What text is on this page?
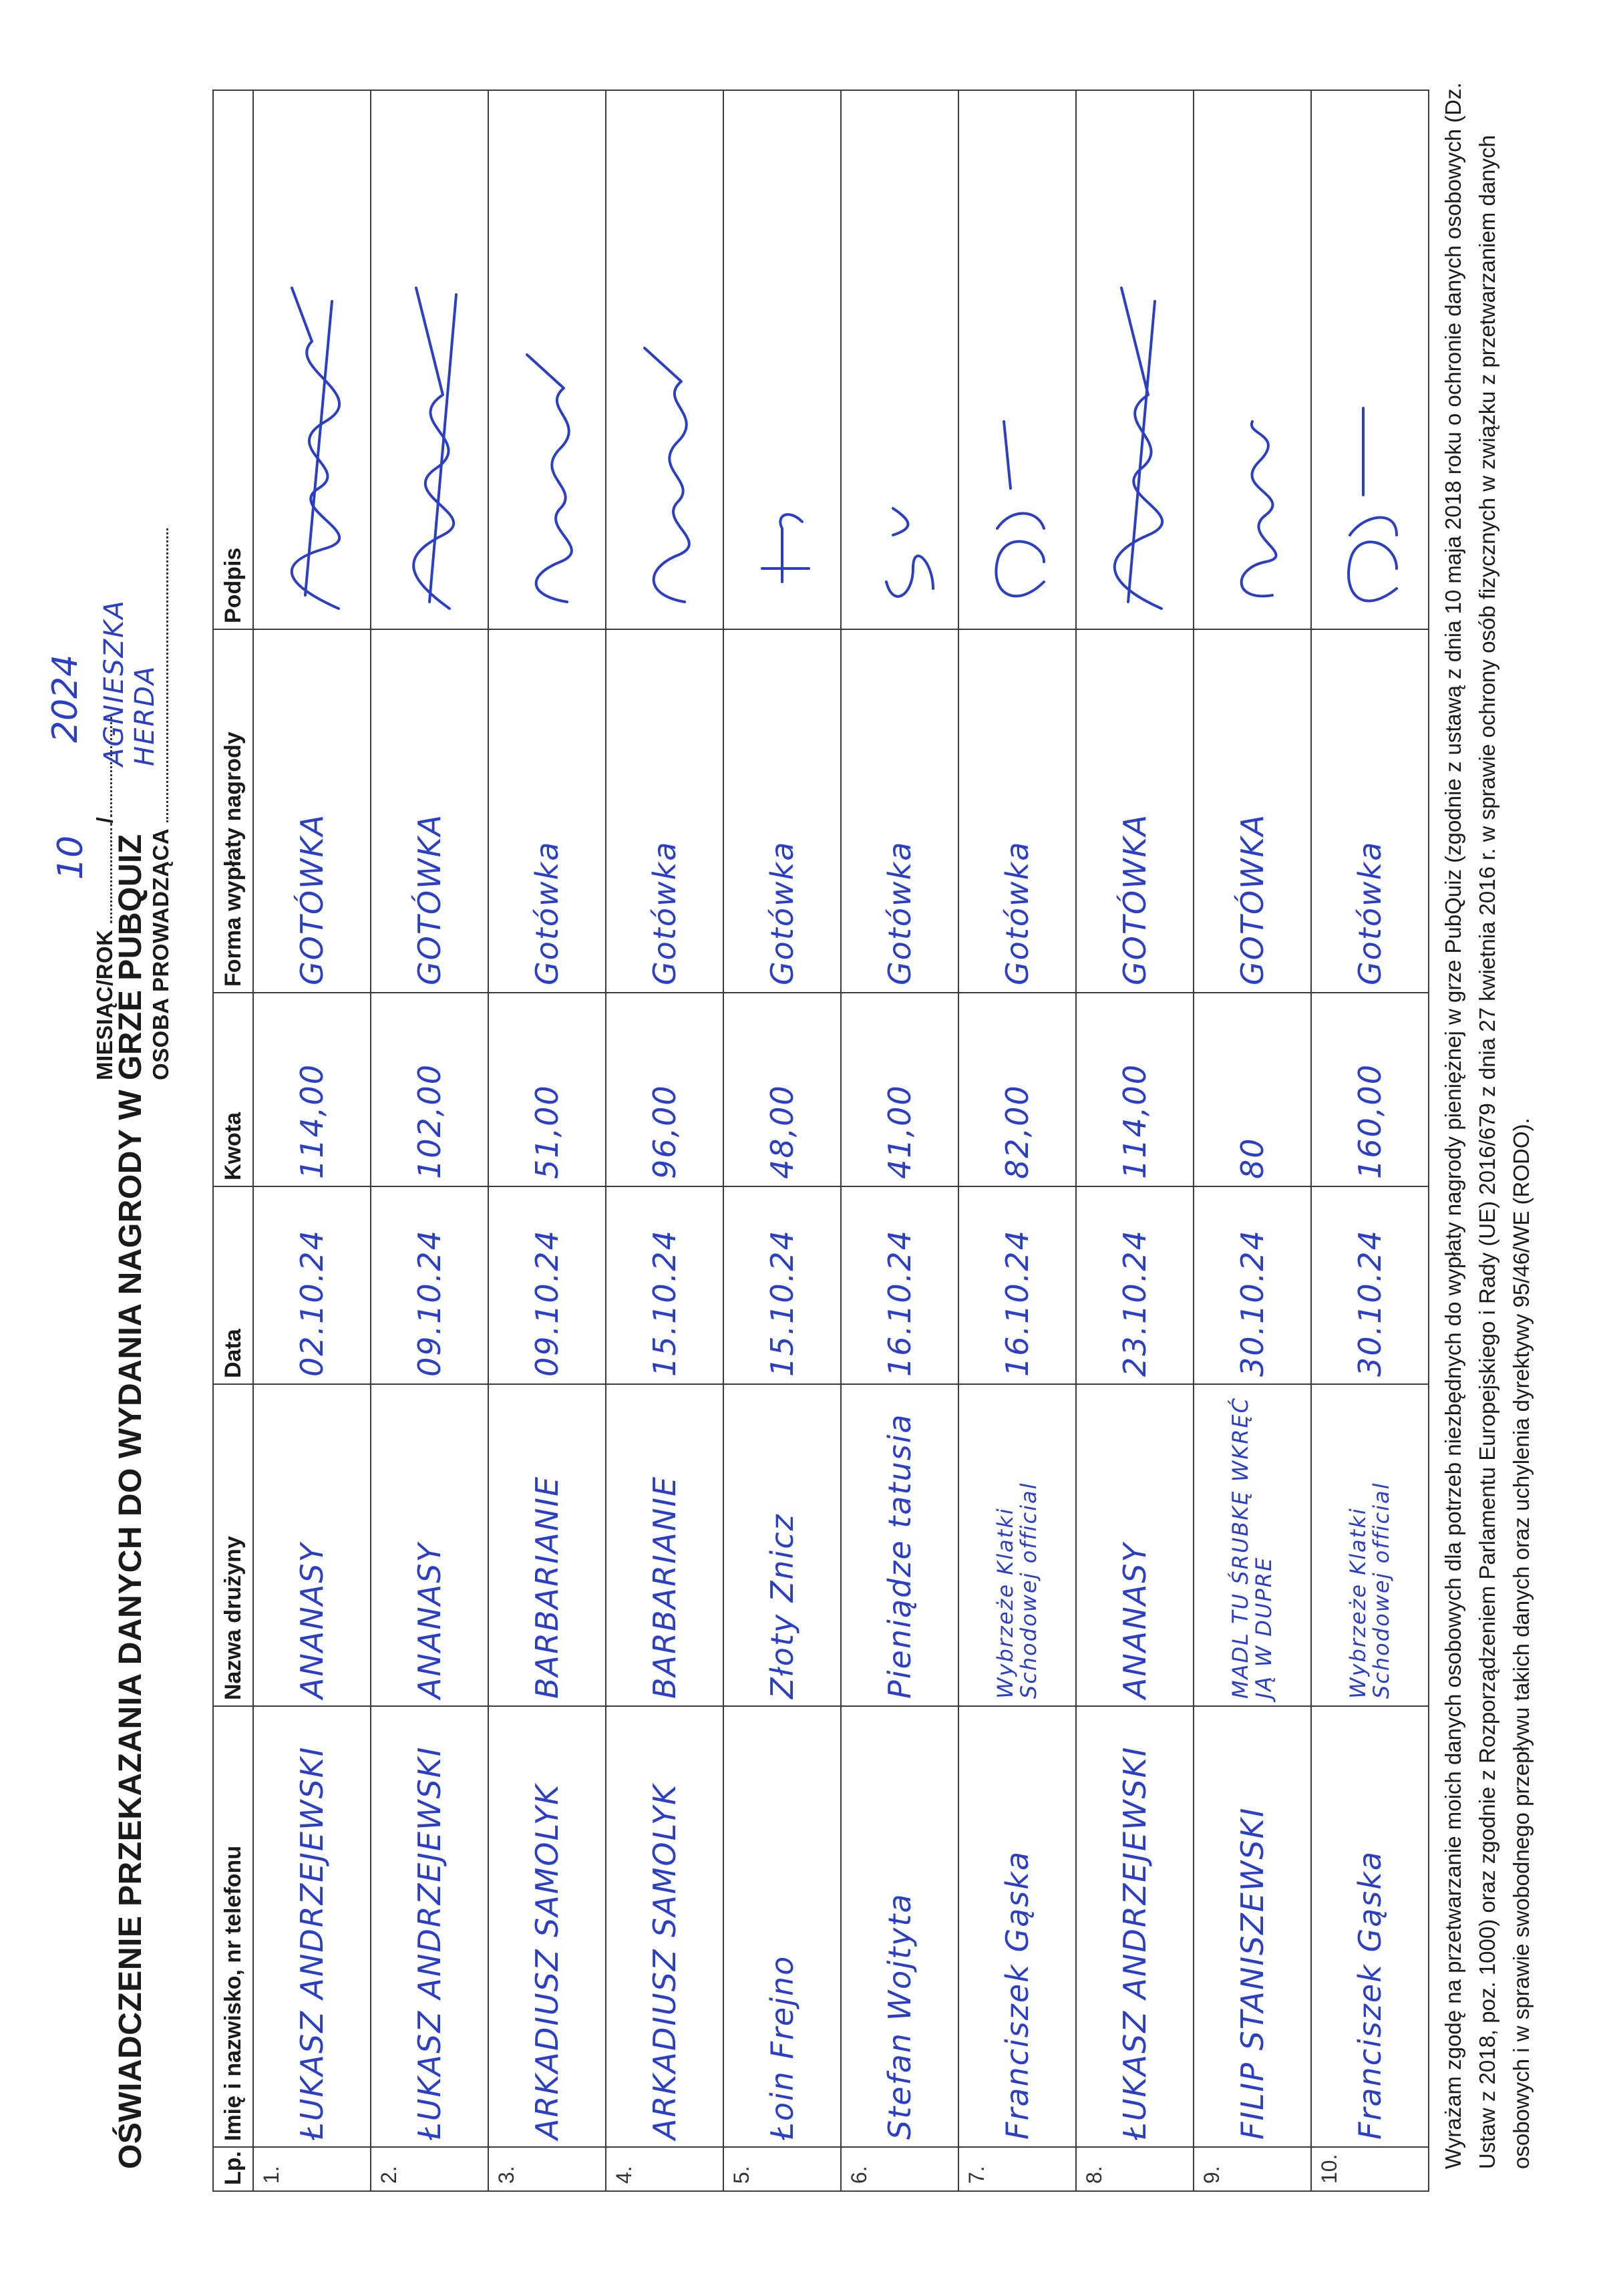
OŚWIADCZENIE PRZEKAZANIA DANYCH DO WYDANIA NAGRODY W GRZE PUBQUIZ
MIESIĄC/ROK /
10
2024
OSOBA PROWADZĄCA
AGNIESZKA HERDA
Lp.	Imię i nazwisko, nr telefonu	Nazwa drużyny	Data	Kwota	Forma wypłaty nagrody	Podpis
1.	ŁUKASZ ANDRZEJEWSKI	ANANASY	02.10.24	114,00	GOTÓWKA	

2.	ŁUKASZ ANDRZEJEWSKI	ANANASY	09.10.24	102,00	GOTÓWKA	

3.	ARKADIUSZ SAMOLYK	BARBARIANIE	09.10.24	51,00	Gotówka	

4.	ARKADIUSZ SAMOLYK	BARBARIANIE	15.10.24	96,00	Gotówka	

5.	Łoin Frejno	Złoty Znicz	15.10.24	48,00	Gotówka	

6.	Stefan Wojtyta	Pieniądze tatusia	16.10.24	41,00	Gotówka	

7.	Franciszek Gąska	Wybrzeże Klatki Schodowej official	16.10.24	82,00	Gotówka	

8.	ŁUKASZ ANDRZEJEWSKI	ANANASY	23.10.24	114,00	GOTÓWKA	

9.	FILIP STANISZEWSKI	MADL TU ŚRUBKĘ WKRĘĆ JĄ W DUPRE	30.10.24	80	GOTÓWKA	

10.	Franciszek Gąska	Wybrzeże Klatki Schodowej official	30.10.24	160,00	Gotówka	Wyrażam zgodę na przetwarzanie moich danych osobowych dla potrzeb niezbędnych do wypłaty nagrody pieniężnej w grze PubQuiz (zgodnie z ustawą z dnia 10 maja 2018 roku o ochronie danych osobowych (Dz. Ustaw z 2018, poz. 1000) oraz zgodnie z Rozporządzeniem Parlamentu Europejskiego i Rady (UE) 2016/679 z dnia 27 kwietnia 2016 r. w sprawie ochrony osób fizycznych w związku z przetwarzaniem danych osobowych i w sprawie swobodnego przepływu takich danych oraz uchylenia dyrektywy 95/46/WE (RODO).
